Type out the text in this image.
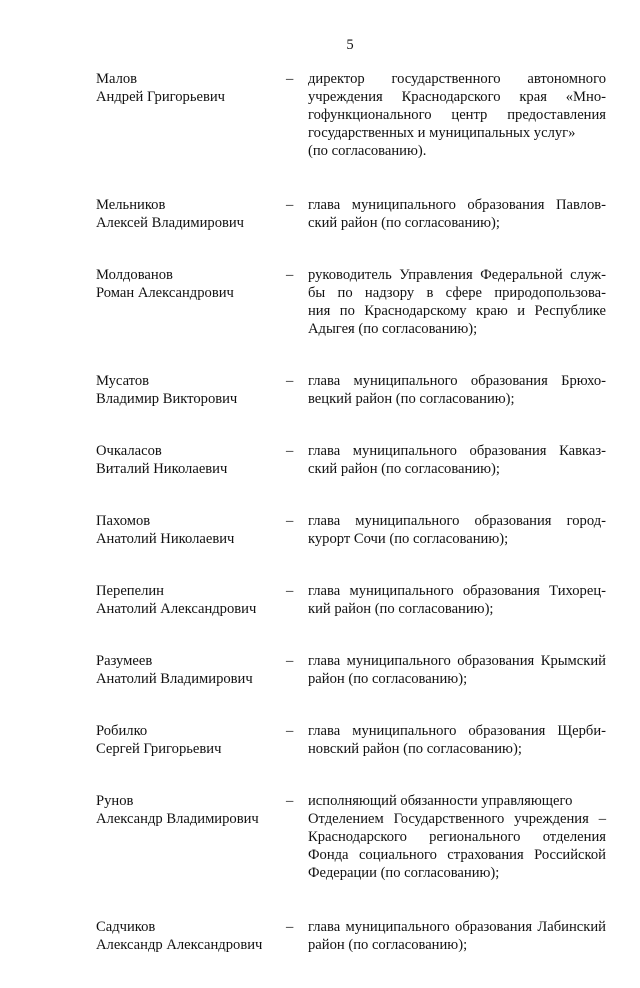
5
Малов
Андрей Григорьевич
–	директор государственного автономного
учреждения Краснодарского края «Мно-
гофункционального центр предоставления
государственных и муниципальных услуг»
(по согласованию).
Мельников
Алексей Владимирович
–	глава муниципального образования Павлов-
ский район (по согласованию);
Молдованов
Роман Александрович
–	руководитель Управления Федеральной служ-
бы по надзору в сфере природопользова-
ния по Краснодарскому краю и Республике
Адыгея (по согласованию);
Мусатов
Владимир Викторович
–	глава муниципального образования Брюхо-
вецкий район (по согласованию);
Очкаласов
Виталий Николаевич
–	глава муниципального образования Кавказ-
ский район (по согласованию);
Пахомов
Анатолий Николаевич
–	глава муниципального образования город-
курорт Сочи (по согласованию);
Перепелин
Анатолий Александрович
–	глава муниципального образования Тихорец-
кий район (по согласованию);
Разумеев
Анатолий Владимирович
–	глава муниципального образования Крымский
район (по согласованию);
Робилко
Сергей Григорьевич
–	глава муниципального образования Щерби-
новский район (по согласованию);
Рунов
Александр Владимирович
–	исполняющий обязанности управляющего
Отделением Государственного учреждения –
Краснодарского регионального отделения
Фонда социального страхования Российской
Федерации (по согласованию);
Садчиков
Александр Александрович
–	глава муниципального образования Лабинский
район (по согласованию);
